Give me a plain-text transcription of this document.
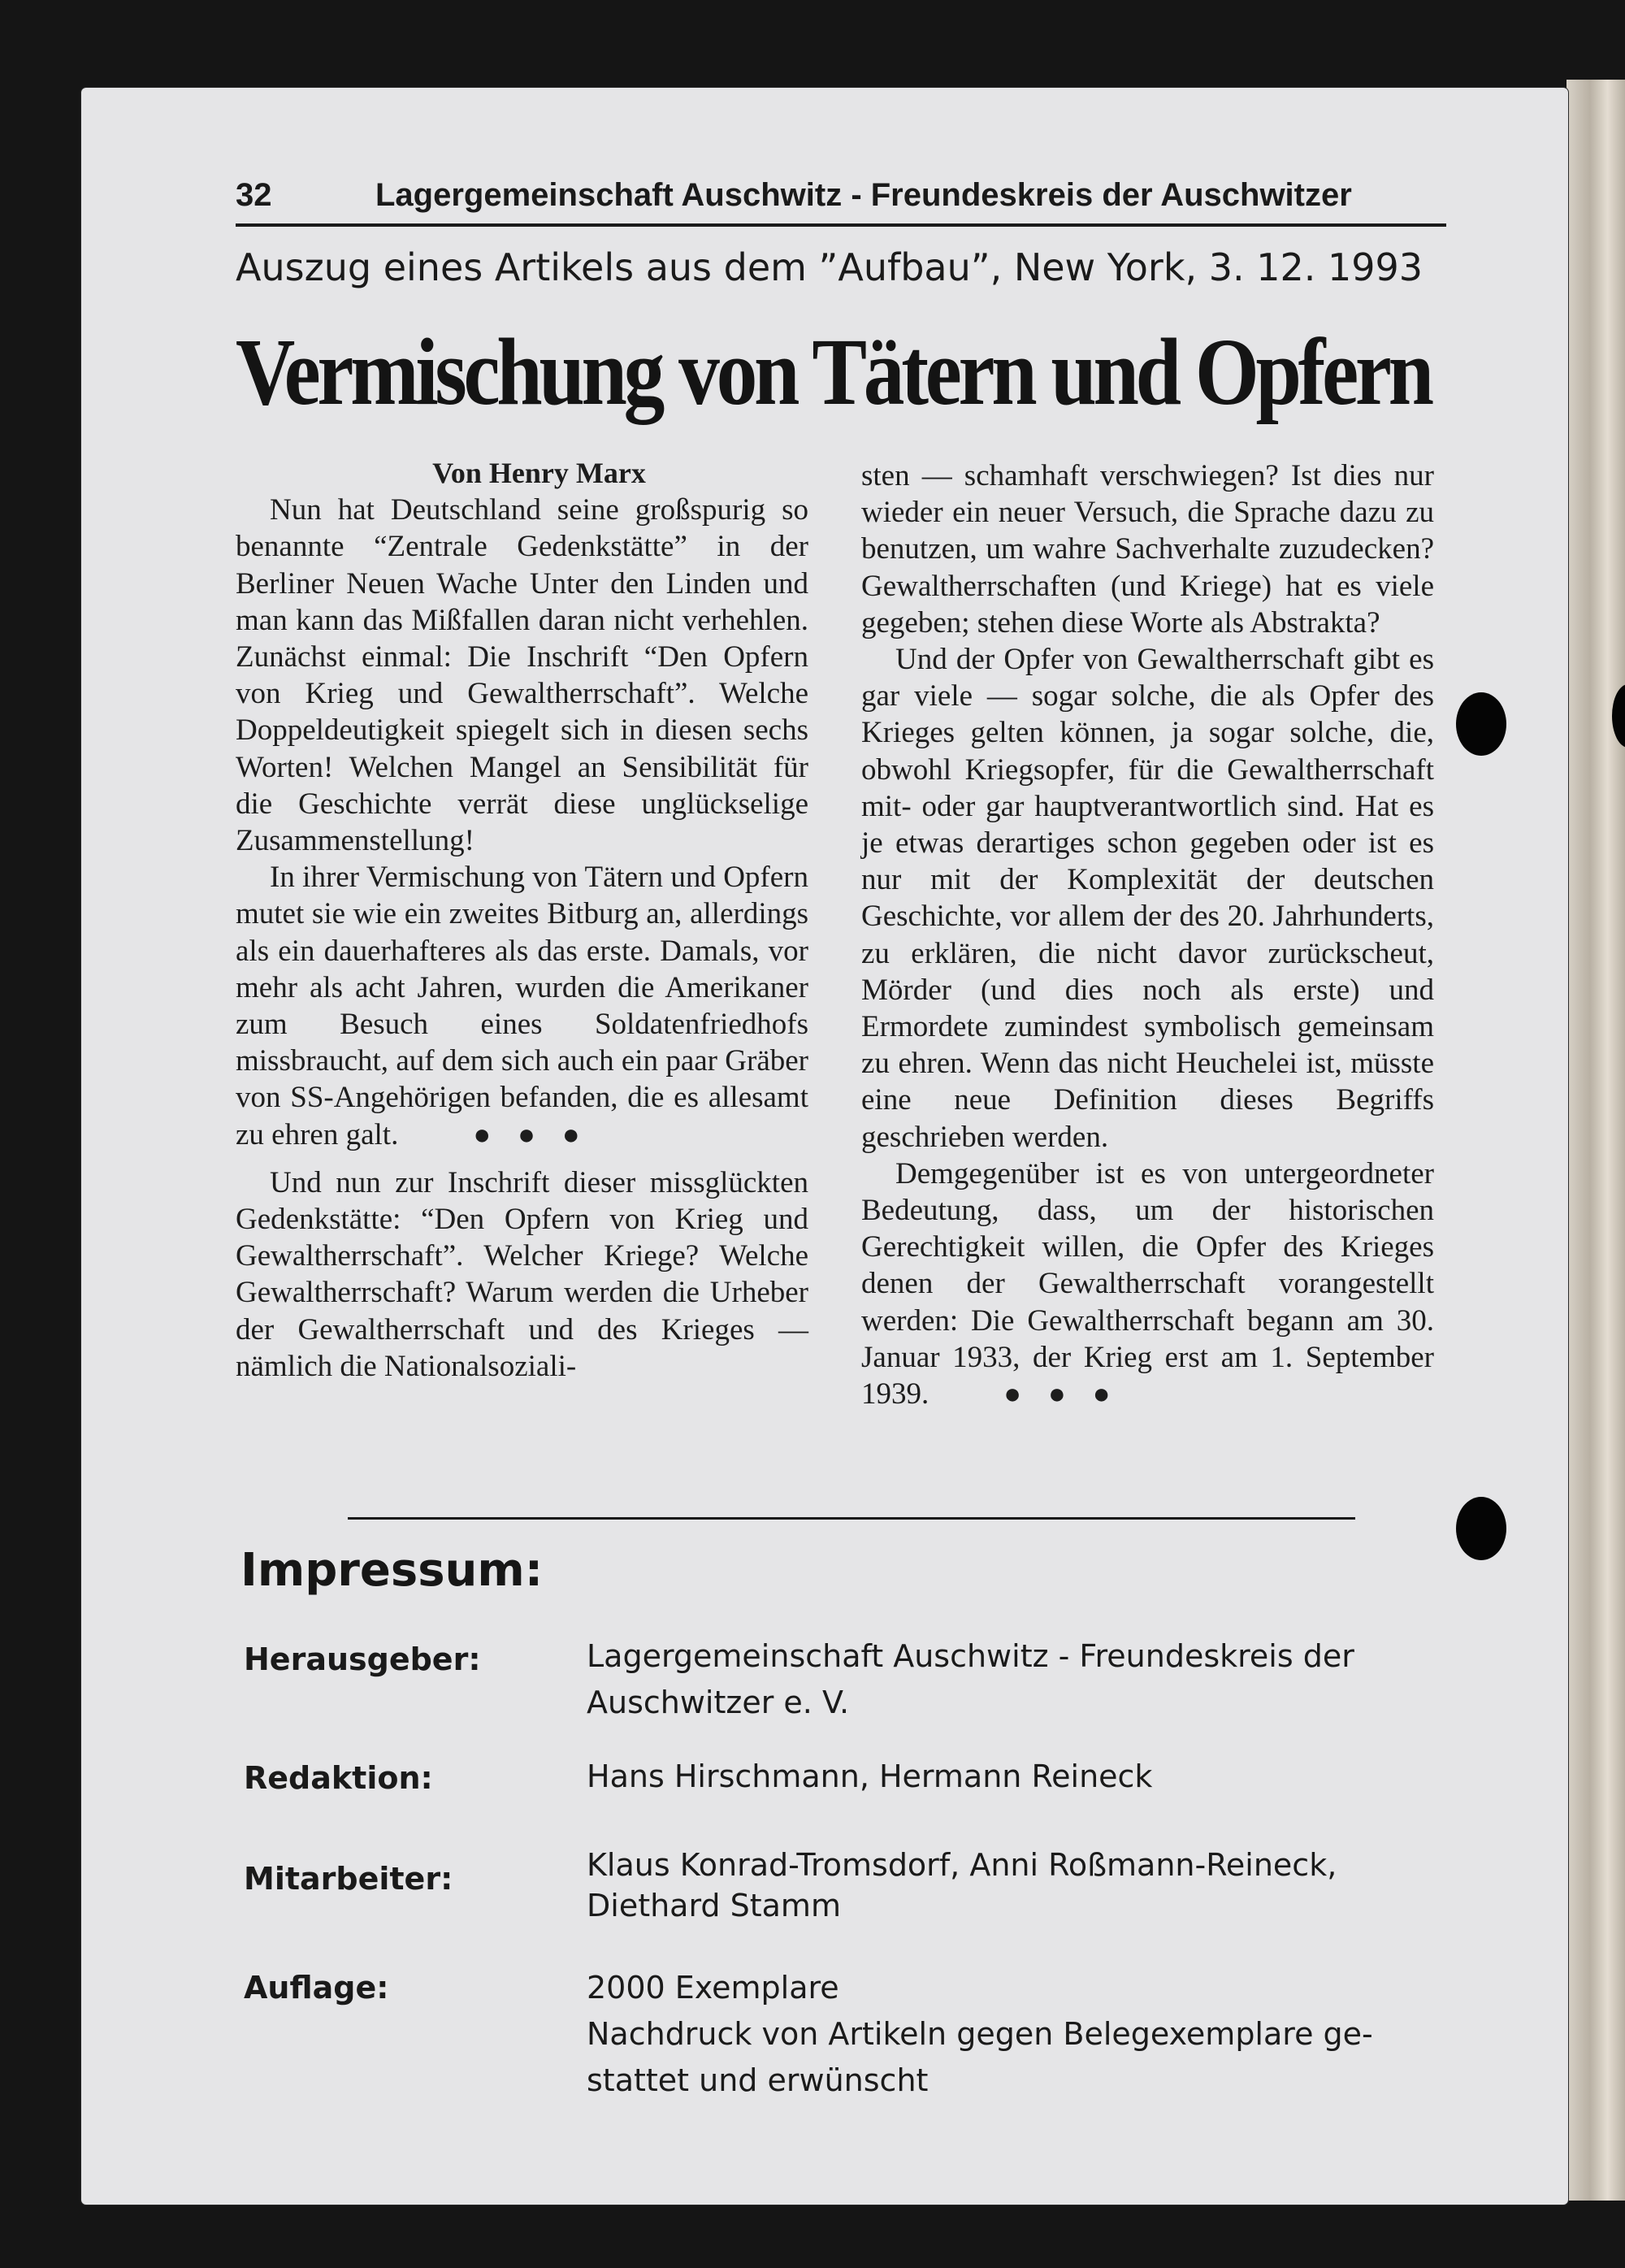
32	Lagergemeinschaft Auschwitz - Freundeskreis der Auschwitzer
Auszug eines Artikels aus dem ”Aufbau”, New York, 3. 12. 1993
Vermischung von Tätern und Opfern

Von Henry Marx

Nun hat Deutschland seine großspurig so benannte “Zentrale Gedenkstätte” in der Berliner Neuen Wache Unter den Linden und man kann das Mißfallen daran nicht verhehlen. Zunächst einmal: Die Inschrift “Den Opfern von Krieg und Gewaltherrschaft”. Welche Doppeldeutigkeit spiegelt sich in diesen sechs Worten! Welchen Mangel an Sensibilität für die Geschichte verrät diese unglückselige Zusammenstellung!

In ihrer Vermischung von Tätern und Opfern mutet sie wie ein zweites Bitburg an, allerdings als ein dauerhafteres als das erste. Damals, vor mehr als acht Jahren, wurden die Amerikaner zum Besuch eines Soldatenfriedhofs missbraucht, auf dem sich auch ein paar Gräber von SS-Angehörigen befanden, die es allesamt zu ehren galt.	● ● ●

Und nun zur Inschrift dieser missglückten Gedenkstätte: “Den Opfern von Krieg und Gewaltherrschaft”. Welcher Kriege? Welche Gewaltherrschaft? Warum werden die Urheber der Gewaltherrschaft und des Krieges — nämlich die Nationalsoziali-

sten — schamhaft verschwiegen? Ist dies nur wieder ein neuer Versuch, die Sprache dazu zu benutzen, um wahre Sachverhalte zuzudecken? Gewaltherrschaften (und Kriege) hat es viele gegeben; stehen diese Worte als Abstrakta?

Und der Opfer von Gewaltherrschaft gibt es gar viele — sogar solche, die als Opfer des Krieges gelten können, ja sogar solche, die, obwohl Kriegsopfer, für die Gewaltherrschaft mit- oder gar hauptverantwortlich sind. Hat es je etwas derartiges schon gegeben oder ist es nur mit der Komplexität der deutschen Geschichte, vor allem der des 20. Jahrhunderts, zu erklären, die nicht davor zurückscheut, Mörder (und dies noch als erste) und Ermordete zumindest symbolisch gemeinsam zu ehren. Wenn das nicht Heuchelei ist, müsste eine neue Definition dieses Begriffs geschrieben werden.

Demgegenüber ist es von untergeordneter Bedeutung, dass, um der historischen Gerechtigkeit willen, die Opfer des Krieges denen der Gewaltherrschaft vorangestellt werden: Die Gewaltherrschaft begann am 30. Januar 1933, der Krieg erst am 1. September 1939.	● ● ●

Impressum:
Herausgeber:	Lagergemeinschaft Auschwitz - Freundeskreis der
Auschwitzer e. V.
Redaktion:	Hans Hirschmann, Hermann Reineck
Mitarbeiter:	Klaus Konrad-Tromsdorf, Anni Roßmann-Reineck,
Diethard Stamm
Auflage:	2000 Exemplare
Nachdruck von Artikeln gegen Belegexemplare ge-
stattet und erwünscht
